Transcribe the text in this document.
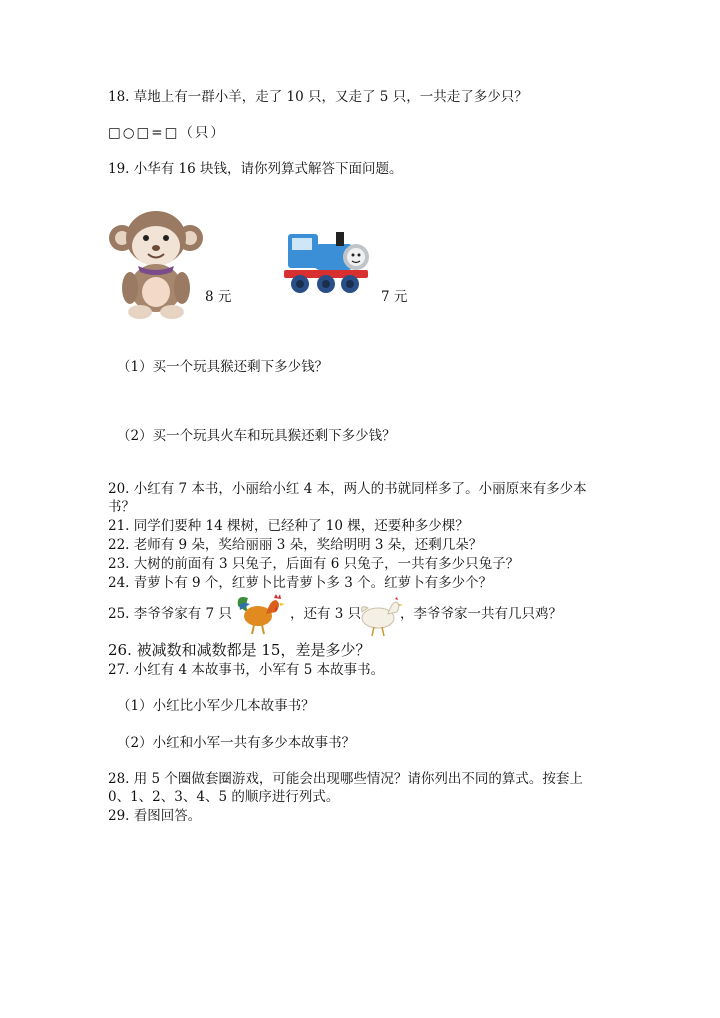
18. 草地上有一群小羊，走了 10 只，又走了 5 只，一共走了多少只？
□○□=□（只）
19. 小华有 16 块钱，请你列算式解答下面问题。
8 元	7 元
（1）买一个玩具猴还剩下多少钱？
（2）买一个玩具火车和玩具猴还剩下多少钱？
20. 小红有 7 本书，小丽给小红 4 本，两人的书就同样多了。小丽原来有多少本书？
21. 同学们要种 14 棵树，已经种了 10 棵，还要种多少棵？
22. 老师有 9 朵，奖给丽丽 3 朵，奖给明明 3 朵，还剩几朵？
23. 大树的前面有 3 只兔子，后面有 6 只兔子，一共有多少只兔子？
24. 青萝卜有 9 个，红萝卜比青萝卜多 3 个。红萝卜有多少个？
25. 李爷爷家有 7 只	，还有 3 只	，李爷爷家一共有几只鸡？
26. 被减数和减数都是 15，差是多少？
27. 小红有 4 本故事书，小军有 5 本故事书。
（1）小红比小军少几本故事书？
（2）小红和小军一共有多少本故事书？
28. 用 5 个圈做套圈游戏，可能会出现哪些情况？请你列出不同的算式。按套上 0、1、2、3、4、5 的顺序进行列式。
29. 看图回答。
